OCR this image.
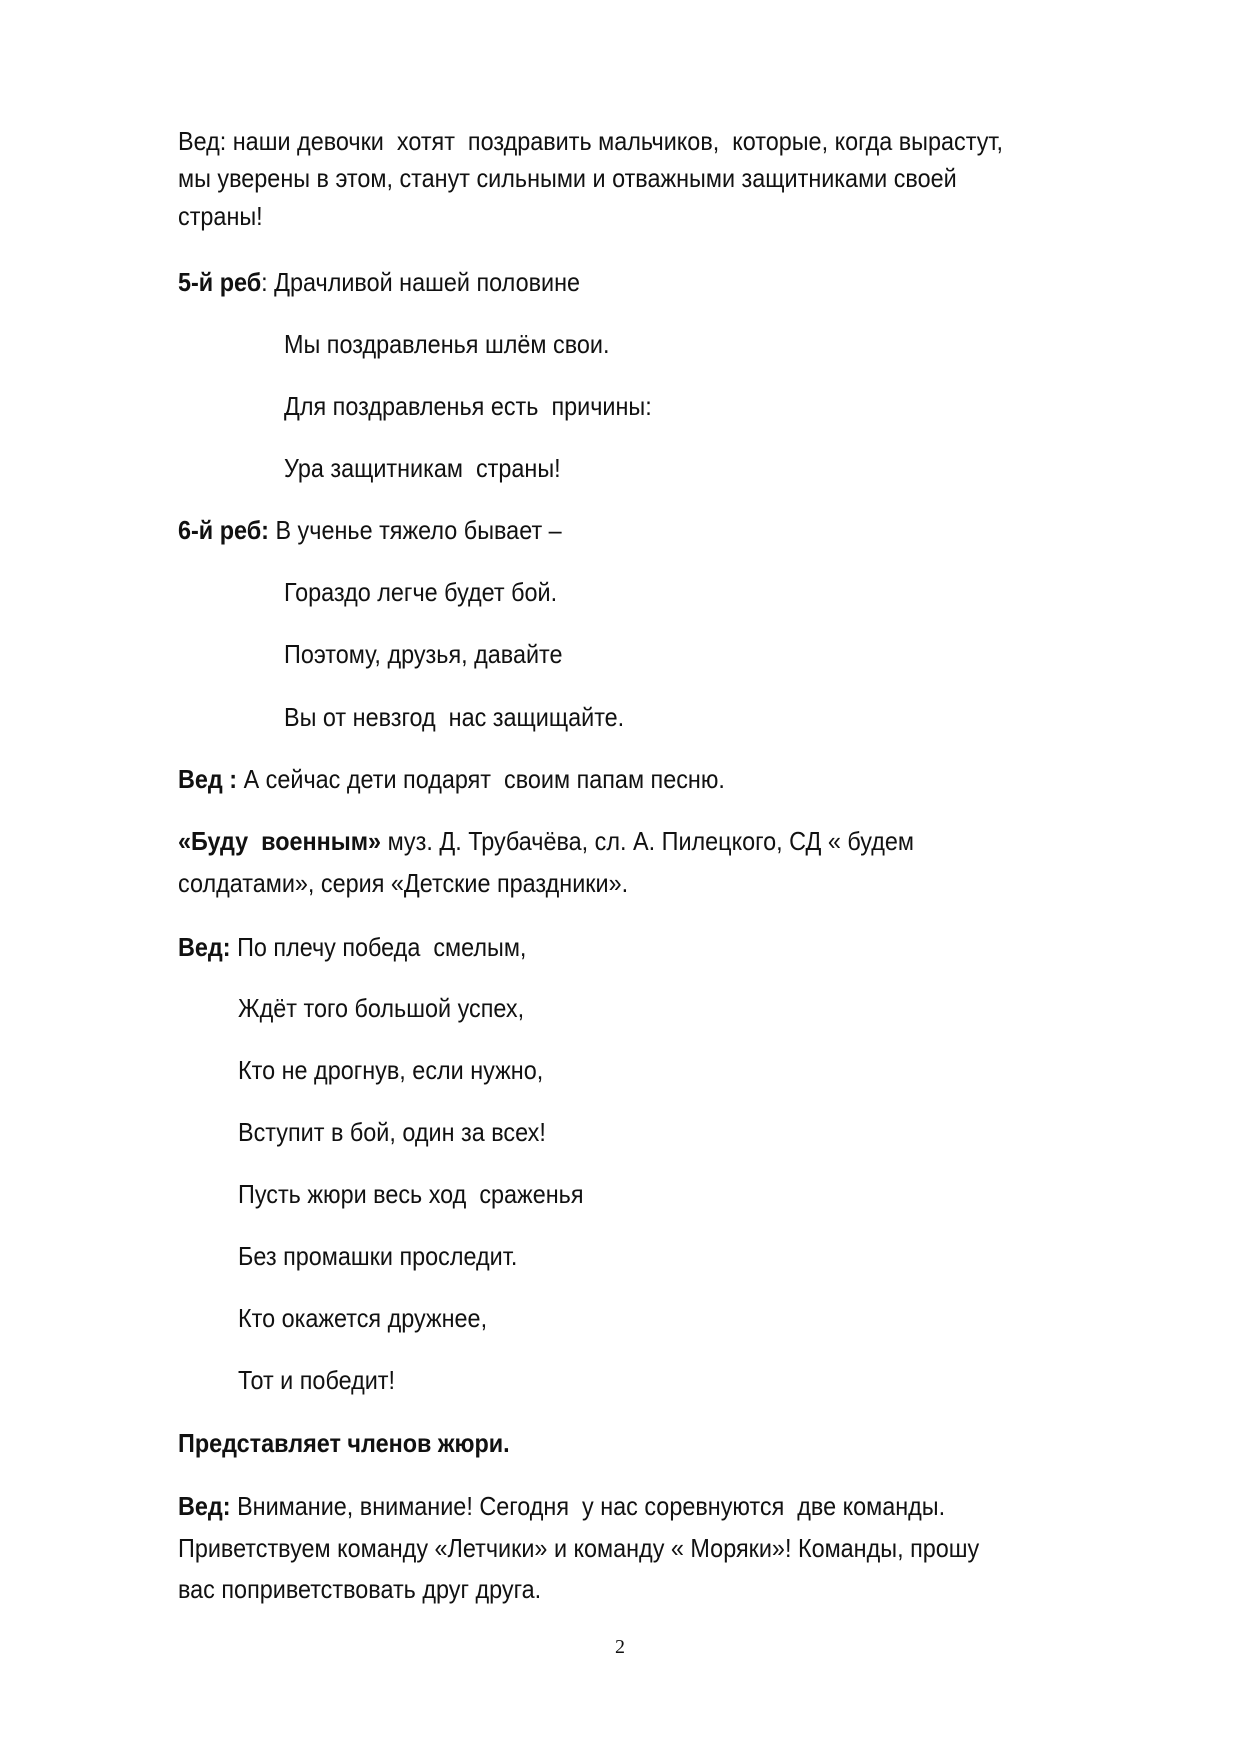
2
Вед: наши девочки  хотят  поздравить мальчиков,  которые, когда вырастут,
мы уверены в этом, станут сильными и отважными защитниками своей
страны!
5-й реб: Драчливой нашей половине
Мы поздравленья шлём свои.
Для поздравленья есть  причины:
Ура защитникам  страны!
6-й реб: В ученье тяжело бывает –
Гораздо легче будет бой.
Поэтому, друзья, давайте
Вы от невзгод  нас защищайте.
Вед : А сейчас дети подарят  своим папам песню.
«Буду  военным» муз. Д. Трубачёва, сл. А. Пилецкого, СД « будем
солдатами», серия «Детские праздники».
Вед: По плечу победа  смелым,
Ждёт того большой успех,
Кто не дрогнув, если нужно,
Вступит в бой, один за всех!
Пусть жюри весь ход  сраженья
Без промашки проследит.
Кто окажется дружнее,
Тот и победит!
Представляет членов жюри.
Вед: Внимание, внимание! Сегодня  у нас соревнуются  две команды.
Приветствуем команду «Летчики» и команду « Моряки»! Команды, прошу
вас поприветствовать друг друга.
